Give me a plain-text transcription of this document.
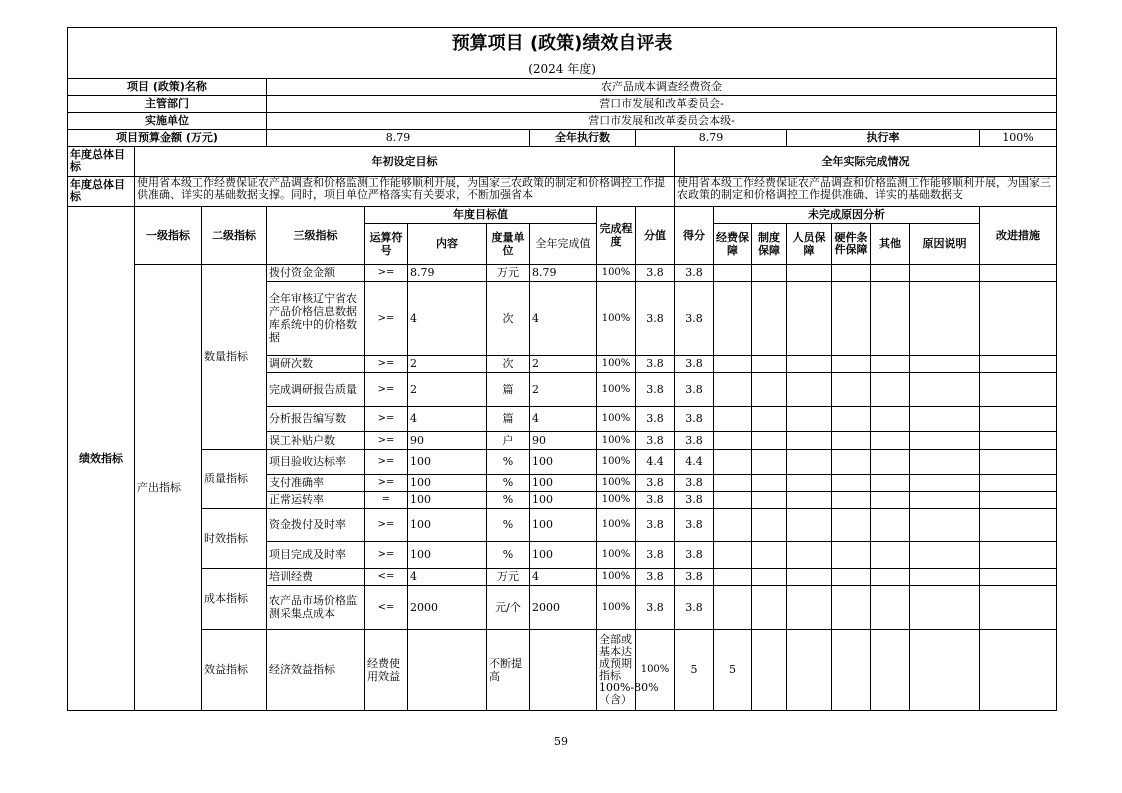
预算项目 (政策)绩效自评表																		

(2024 年度)																		

项目 (政策)名称			农产品成本调查经费资金															
主管部门			营口市发展和改革委员会-															
实施单位			营口市发展和改革委员会本级-															
项目预算金额 (万元)			8.79				全年执行数		8.79				执行率				100%	
年度总体目标	年初设定目标									全年实际完成情况								
年度总体目标	使用省本级工作经费保证农产品调查和价格监测工作能够顺利开展，为国家三农政策的制定和价格调控工作提供准确、详实的基础数据支撑。同时，项目单位严格落实有关要求，不断加强省本									使用省本级工作经费保证农产品调查和价格监测工作能够顺利开展，为国家三农政策的制定和价格调控工作提供准确、详实的基础数据支								

绩效指标	一级指标	二级指标	三级指标	年度目标值				完成程度	分值	得分	未完成原因分析						改进措施	
				运算符号	内容	度量单位	全年完成值				经费保障	制度保障	人员保障	硬件条件保障	其他	原因说明		

	产出指标	数量指标	拨付资金金额	>=	8.79	万元	8.79	100%	3.8	3.8								
			全年审核辽宁省农产品价格信息数据库系统中的价格数据	>=	4	次	4	100%	3.8	3.8								
			调研次数	>=	2	次	2	100%	3.8	3.8								
			完成调研报告质量	>=	2	篇	2	100%	3.8	3.8								
			分析报告编写数	>=	4	篇	4	100%	3.8	3.8								
			误工补贴户数	>=	90	户	90	100%	3.8	3.8								
		质量指标	项目验收达标率	>=	100	%	100	100%	4.4	4.4								
			支付准确率	>=	100	%	100	100%	3.8	3.8								
			正常运转率	=	100	%	100	100%	3.8	3.8								
		时效指标	资金拨付及时率	>=	100	%	100	100%	3.8	3.8								
			项目完成及时率	>=	100	%	100	100%	3.8	3.8								
		成本指标	培训经费	<=	4	万元	4	100%	3.8	3.8								
			农产品市场价格监测采集点成本	<=	2000	元/个	2000	100%	3.8	3.8								
		效益指标	经济效益指标	经费使用效益		不断提高		全部或基本达成预期指标100%-80%（含）	100%	5	5							
59
